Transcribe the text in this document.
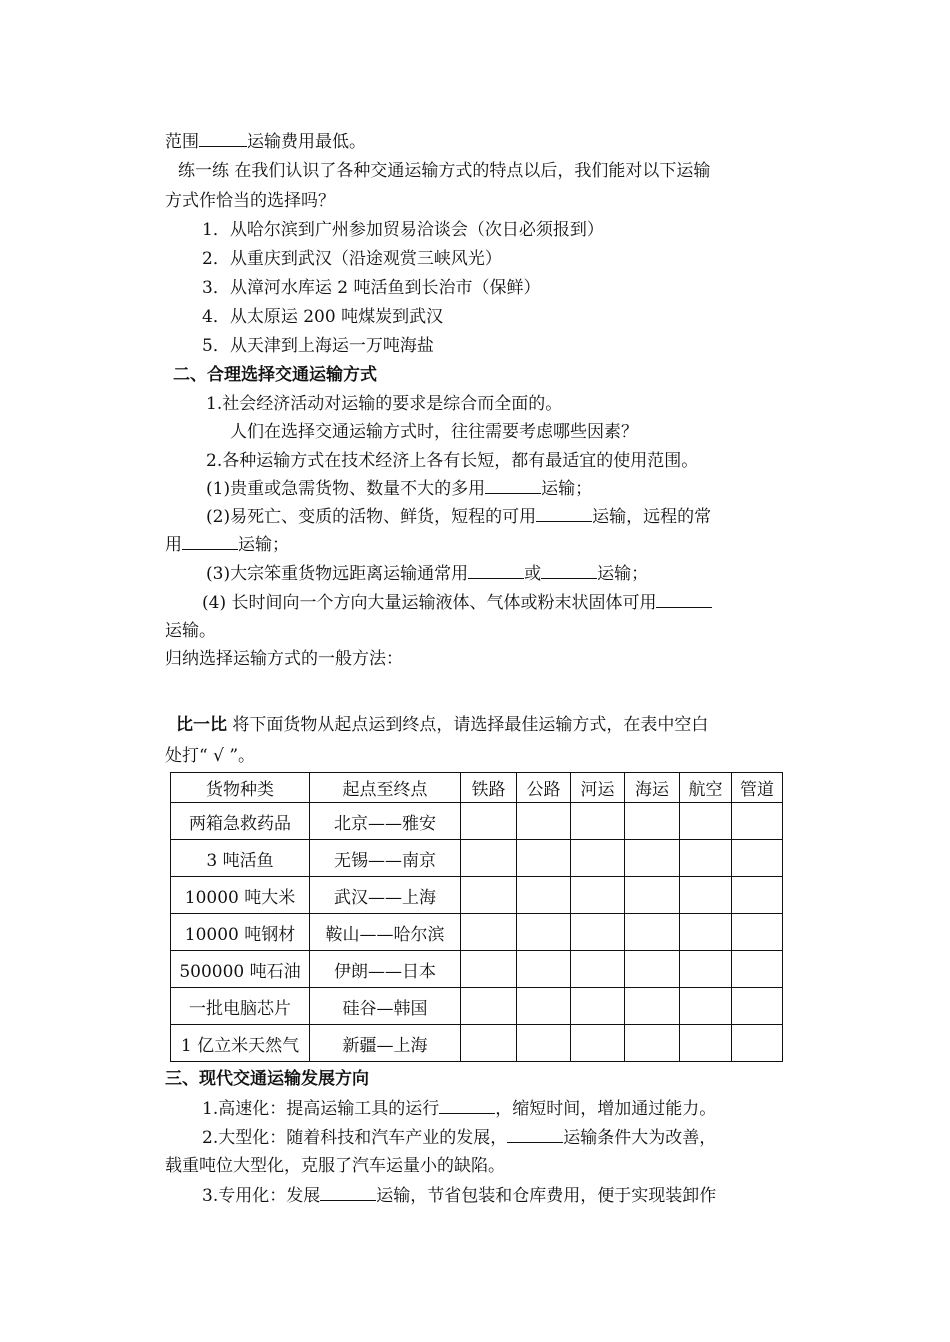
范围	运输费用最低。
练一练 在我们认识了各种交通运输方式的特点以后，我们能对以下运输
方式作恰当的选择吗？
1．从哈尔滨到广州参加贸易洽谈会（次日必须报到）
2．从重庆到武汉（沿途观赏三峡风光）
3．从漳河水库运 2 吨活鱼到长治市（保鲜）
4．从太原运 200 吨煤炭到武汉
5．从天津到上海运一万吨海盐
二、合理选择交通运输方式
1.社会经济活动对运输的要求是综合而全面的。
人们在选择交通运输方式时，往往需要考虑哪些因素？
2.各种运输方式在技术经济上各有长短，都有最适宜的使用范围。
(1)贵重或急需货物、数量不大的多用	运输；
(2)易死亡、变质的活物、鲜货，短程的可用	运输，远程的常
用	运输；
(3)大宗笨重货物远距离运输通常用	或	运输；
(4) 长时间向一个方向大量运输液体、气体或粉末状固体可用
运输。
归纳选择运输方式的一般方法：
比一比 将下面货物从起点运到终点，请选择最佳运输方式，在表中空白
处打“ √ ”。
货物种类	起点至终点	铁路	公路	河运	海运	航空	管道
两箱急救药品	北京——雅安						
3 吨活鱼	无锡——南京						
10000 吨大米	武汉——上海						
10000 吨钢材	鞍山——哈尔滨						
500000 吨石油	伊朗——日本						
一批电脑芯片	硅谷—韩国						
1 亿立米天然气	新疆—上海						
三、现代交通运输发展方向
1.高速化：提高运输工具的运行	，缩短时间，增加通过能力。
2.大型化：随着科技和汽车产业的发展，	运输条件大为改善，
载重吨位大型化，克服了汽车运量小的缺陷。
3.专用化：发展	运输，节省包装和仓库费用，便于实现装卸作
